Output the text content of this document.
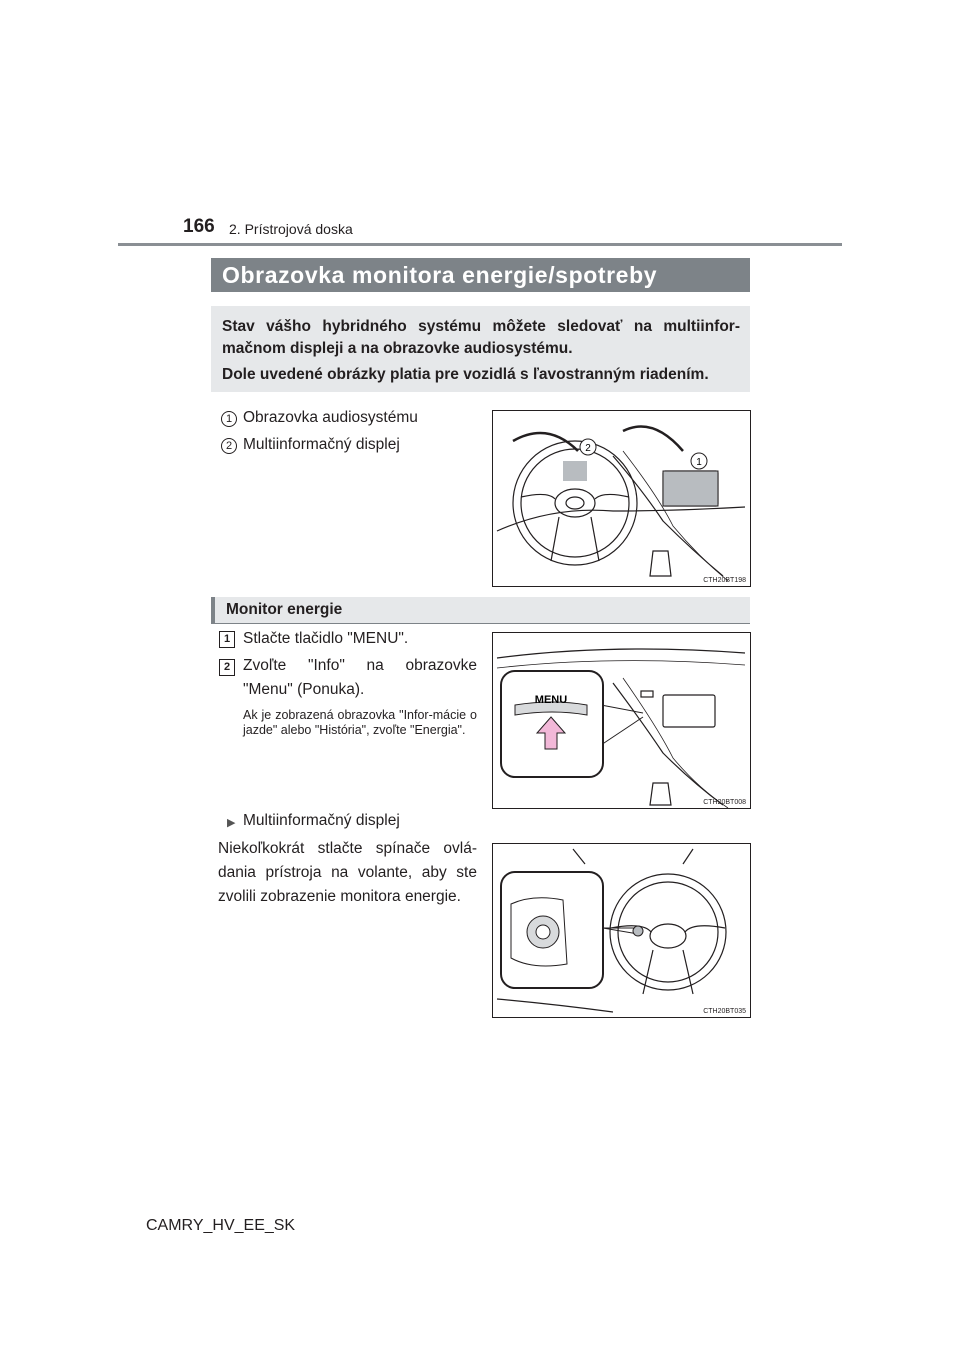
166 2. Prístrojová doska
Obrazovka monitora energie/spotreby

Stav vášho hybridného systému môžete sledovať na multiinfor-mačnom displeji a na obrazovke audiosystému.

Dole uvedené obrázky platia pre vozidlá s ľavostranným riadením.

1 Obrazovka audiosystému
2 Multiinformačný displej	2
1
CTH20BT198
Monitor energie
1 Stlačte tlačidlo "MENU".
2 Zvoľte "Info" na obrazovke "Menu" (Ponuka).
Ak je zobrazená obrazovka "Infor-mácie o jazde" alebo "História", zvoľte "Energia".
MENU
CTH20BT008
▶ Multiinformačný displej
Niekoľkokrát stlačte spínače ovlá-dania prístroja na volante, aby ste zvolili zobrazenie monitora energie.
CTH20BT035
CAMRY_HV_EE_SK
